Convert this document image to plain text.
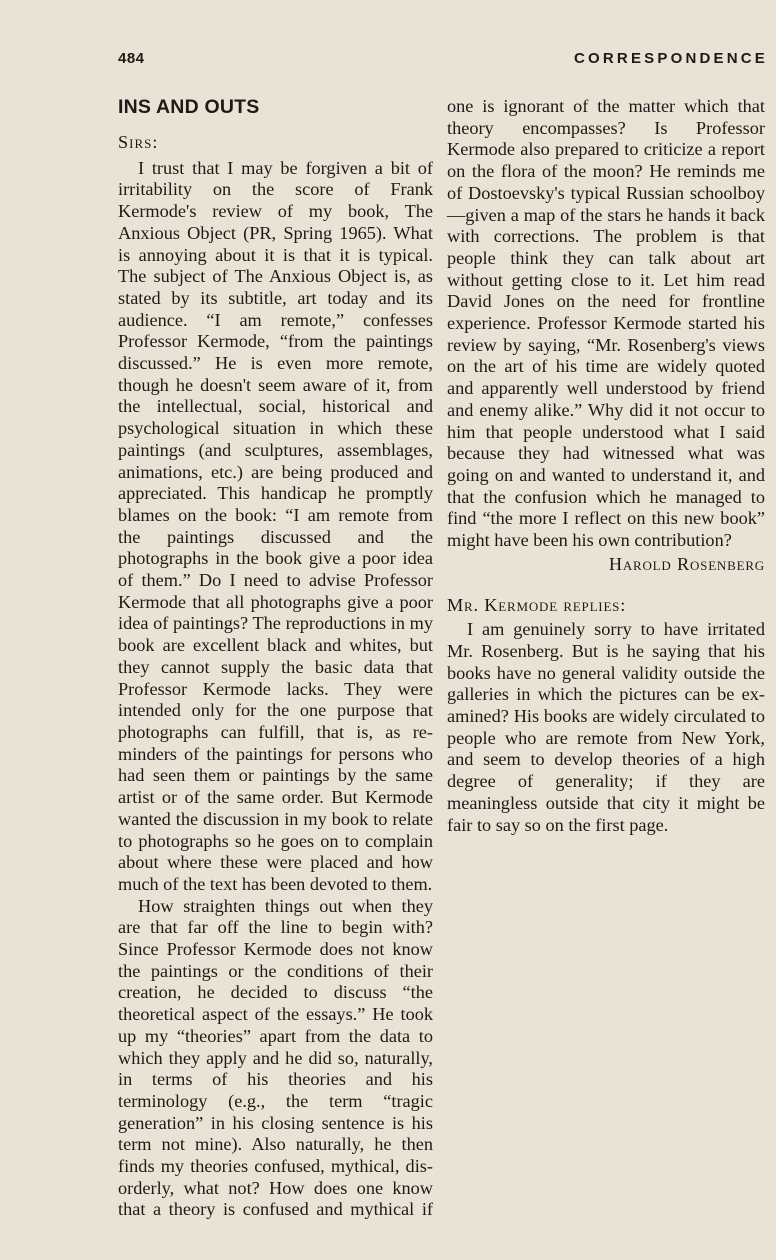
484	CORRESPONDENCE
INS AND OUTS

Sirs:

I trust that I may be forgiven a bit of irritability on the score of Frank Kermode's review of my book, The Anxious Object (PR, Spring 1965). What is annoying about it is that it is typical. The subject of The Anxious Object is, as stated by its subtitle, art today and its audience. “I am remote,” confesses Professor Kermode, “from the paintings discussed.” He is even more remote, though he doesn't seem aware of it, from the intellectual, social, historical and psychological situation in which these paintings (and sculptures, assemblages, animations, etc.) are being produced and appreciated. This handicap he promptly blames on the book: “I am remote from the paintings discussed and the photographs in the book give a poor idea of them.” Do I need to advise Professor Kermode that all photographs give a poor idea of paintings? The reproductions in my book are excellent black and whites, but they cannot supply the basic data that Professor Kermode lacks. They were intended only for the one purpose that photographs can fulfill, that is, as reminders of the paintings for persons who had seen them or paintings by the same artist or of the same order. But Kermode wanted the discussion in my book to relate to photographs so he goes on to complain about where these were placed and how much of the text has been devoted to them.

How straighten things out when they are that far off the line to begin with? Since Professor Kermode does not know the paintings or the conditions of their creation, he decided to discuss “the theoretical aspect of the essays.” He took up my “theories” apart from the data to which they apply and he did so, naturally, in terms of his theories and his terminology (e.g., the term “tragic generation” in his closing sentence is his term not mine). Also naturally, he then finds my theories confused, mythical, disorderly, what not? How does one know that a theory is confused and mythical if

one is ignorant of the matter which that theory encompasses? Is Professor Kermode also prepared to criticize a report on the flora of the moon? He reminds me of Dostoevsky's typical Russian schoolboy—given a map of the stars he hands it back with corrections. The problem is that people think they can talk about art without getting close to it. Let him read David Jones on the need for frontline experience. Professor Kermode started his review by saying, “Mr. Rosenberg's views on the art of his time are widely quoted and apparently well understood by friend and enemy alike.” Why did it not occur to him that people understood what I said because they had witnessed what was going on and wanted to understand it, and that the confusion which he managed to find “the more I reflect on this new book” might have been his own contribution?

Harold Rosenberg

Mr. Kermode replies:

I am genuinely sorry to have irritated Mr. Rosenberg. But is he saying that his books have no general validity outside the galleries in which the pictures can be examined? His books are widely circulated to people who are remote from New York, and seem to develop theories of a high degree of generality; if they are meaningless outside that city it might be fair to say so on the first page.
